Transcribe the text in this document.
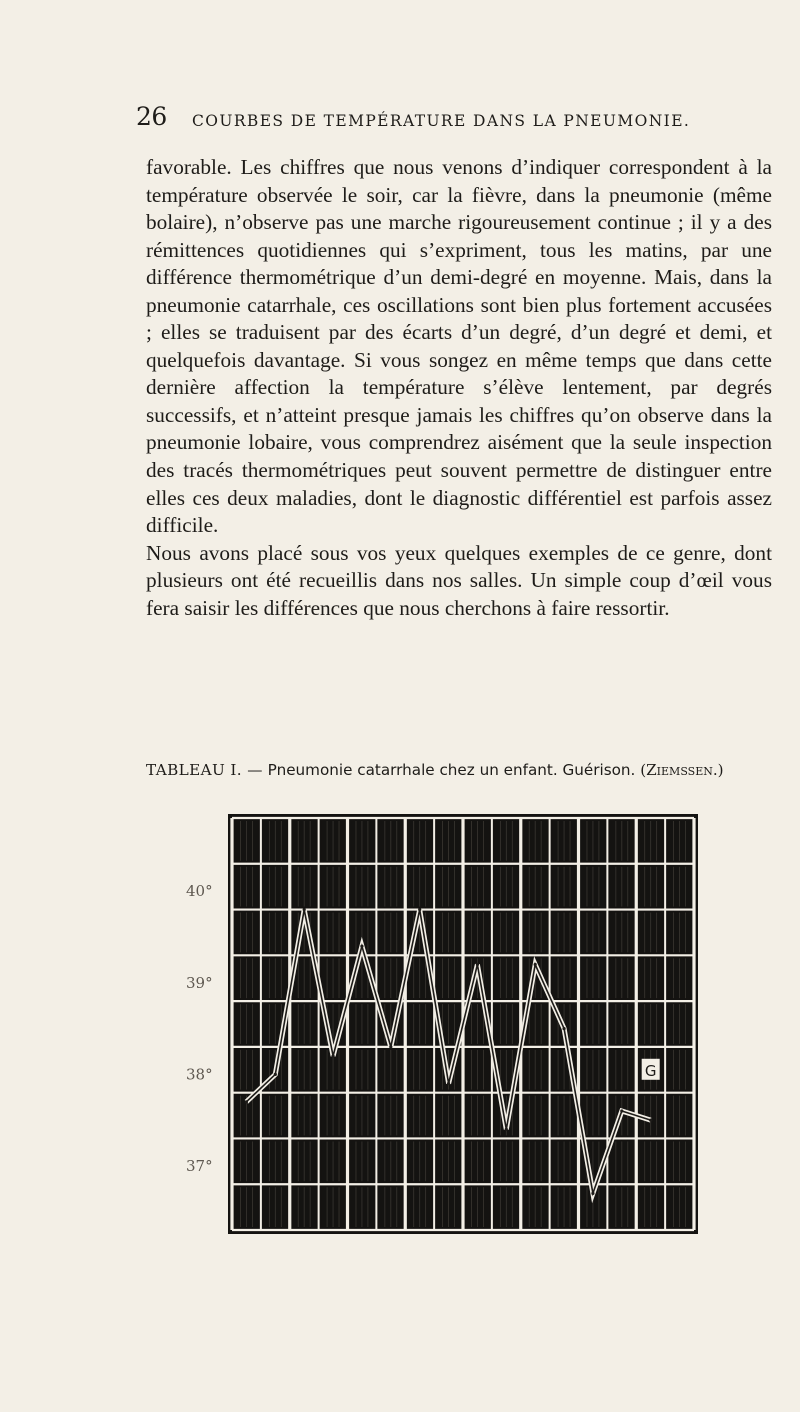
26 COURBES DE TEMPÉRATURE DANS LA PNEUMONIE.

favorable. Les chiffres que nous venons d’indiquer correspondent à la température observée le soir, car la fièvre, dans la pneumonie (même bolaire), n’observe pas une marche rigoureusement continue ; il y a des rémittences quotidiennes qui s’expriment, tous les matins, par une différence thermométrique d’un demi-degré en moyenne. Mais, dans la pneumonie catarrhale, ces oscillations sont bien plus fortement accusées ; elles se traduisent par des écarts d’un degré, d’un degré et demi, et quelquefois davantage. Si vous songez en même temps que dans cette dernière affection la température s’élève lentement, par degrés successifs, et n’atteint presque jamais les chiffres qu’on observe dans la pneumonie lobaire, vous comprendrez aisément que la seule inspection des tracés thermométriques peut souvent permettre de distinguer entre elles ces deux maladies, dont le diagnostic différentiel est parfois assez difficile.

Nous avons placé sous vos yeux quelques exemples de ce genre, dont plusieurs ont été recueillis dans nos salles. Un simple coup d’œil vous fera saisir les différences que nous cherchons à faire ressortir.

TABLEAU I. — Pneumonie catarrhale chez un enfant. Guérison. (Ziemssen.)
40°
39°
38°
37°
G
